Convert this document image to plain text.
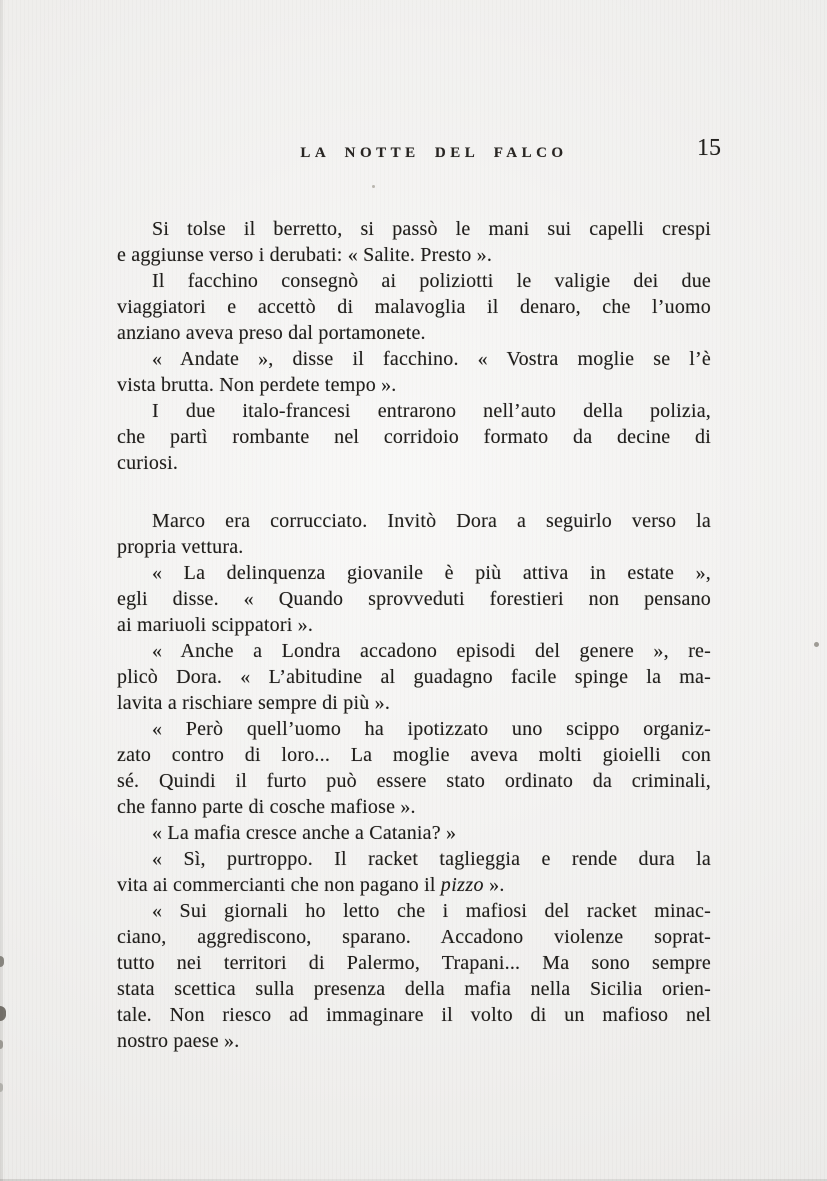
LA NOTTE DEL FALCO	15

Si tolse il berretto, si passò le mani sui capelli crespi
e aggiunse verso i derubati: « Salite. Presto ».

Il facchino consegnò ai poliziotti le valigie dei due
viaggiatori e accettò di malavoglia il denaro, che l’uomo
anziano aveva preso dal portamonete.

« Andate », disse il facchino. « Vostra moglie se l’è
vista brutta. Non perdete tempo ».

I due italo-francesi entrarono nell’auto della polizia,
che partì rombante nel corridoio formato da decine di
curiosi.

Marco era corrucciato. Invitò Dora a seguirlo verso la
propria vettura.

« La delinquenza giovanile è più attiva in estate »,
egli disse. « Quando sprovveduti forestieri non pensano
ai mariuoli scippatori ».

« Anche a Londra accadono episodi del genere », re-
plicò Dora. « L’abitudine al guadagno facile spinge la ma-
lavita a rischiare sempre di più ».

« Però quell’uomo ha ipotizzato uno scippo organiz-
zato contro di loro... La moglie aveva molti gioielli con
sé. Quindi il furto può essere stato ordinato da criminali,
che fanno parte di cosche mafiose ».

« La mafia cresce anche a Catania? »

« Sì, purtroppo. Il racket taglieggia e rende dura la
vita ai commercianti che non pagano il pizzo ».

« Sui giornali ho letto che i mafiosi del racket minac-
ciano, aggrediscono, sparano. Accadono violenze soprat-
tutto nei territori di Palermo, Trapani... Ma sono sempre
stata scettica sulla presenza della mafia nella Sicilia orien-
tale. Non riesco ad immaginare il volto di un mafioso nel
nostro paese ».
